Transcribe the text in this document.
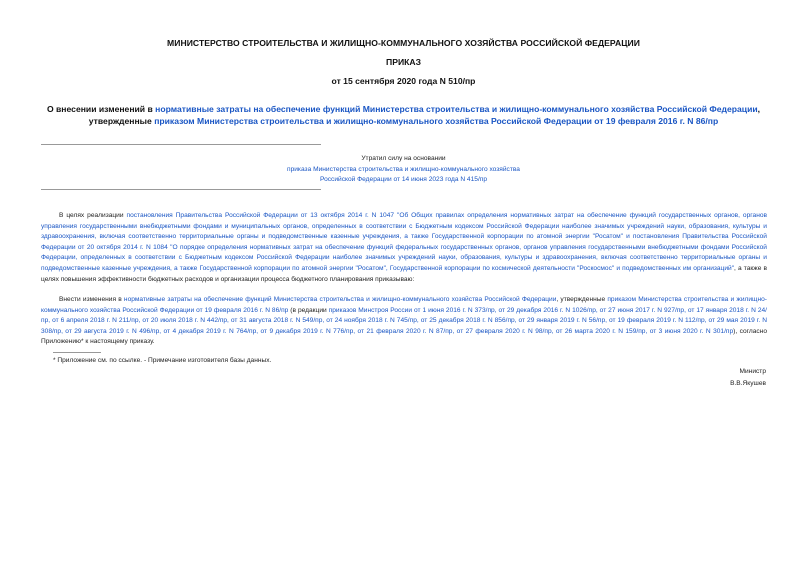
МИНИСТЕРСТВО СТРОИТЕЛЬСТВА И ЖИЛИЩНО-КОММУНАЛЬНОГО ХОЗЯЙСТВА РОССИЙСКОЙ ФЕДЕРАЦИИ
ПРИКАЗ
от 15 сентября 2020 года N 510/пр
О внесении изменений в нормативные затраты на обеспечение функций Министерства строительства и жилищно-коммунального хозяйства Российской Федерации, утвержденные приказом Министерства строительства и жилищно-коммунального хозяйства Российской Федерации от 19 февраля 2016 г. N 86/пр
Утратил силу на основании
приказа Министерства строительства и жилищно-коммунального хозяйства
Российской Федерации от 14 июня 2023 года N 415/пр
В целях реализации постановления Правительства Российской Федерации от 13 октября 2014 г. N 1047 "Об Общих правилах определения нормативных затрат на обеспечение функций государственных органов, органов управления государственными внебюджетными фондами и муниципальных органов, определенных в соответствии с Бюджетным кодексом Российской Федерации наиболее значимых учреждений науки, образования, культуры и здравоохранения, включая соответственно территориальные органы и подведомственные казенные учреждения, а также Государственной корпорации по атомной энергии "Росатом" и постановления Правительства Российской Федерации от 20 октября 2014 г. N 1084 "О порядке определения нормативных затрат на обеспечение функций федеральных государственных органов, органов управления государственными внебюджетными фондами Российской Федерации, определенных в соответствии с Бюджетным кодексом Российской Федерации наиболее значимых учреждений науки, образования, культуры и здравоохранения, включая соответственно территориальные органы и подведомственные казенные учреждения, а также Государственной корпорации по атомной энергии "Росатом", Государственной корпорации по космической деятельности "Роскосмос" и подведомственных им организаций", а также в целях повышения эффективности бюджетных расходов и организации процесса бюджетного планирования приказываю:
Внести изменения в нормативные затраты на обеспечение функций Министерства строительства и жилищно-коммунального хозяйства Российской Федерации, утвержденные приказом Министерства строительства и жилищно-коммунального хозяйства Российской Федерации от 19 февраля 2016 г. N 86/пр (в редакции приказов Минстроя России от 1 июня 2016 г. N 373/пр, от 29 декабря 2016 г. N 1026/пр, от 27 июня 2017 г. N 927/пр, от 17 января 2018 г. N 24/пр, от 6 апреля 2018 г. N 211/пр, от 20 июля 2018 г. N 442/пр, от 31 августа 2018 г. N 549/пр, от 24 ноября 2018 г. N 745/пр, от 25 декабря 2018 г. N 856/пр, от 29 января 2019 г. N 56/пр, от 19 февраля 2019 г. N 112/пр, от 29 мая 2019 г. N 308/пр, от 29 августа 2019 г. N 496/пр, от 4 декабря 2019 г. N 764/пр, от 9 декабря 2019 г. N 776/пр, от 21 февраля 2020 г. N 87/пр, от 27 февраля 2020 г. N 98/пр, от 26 марта 2020 г. N 159/пр, от 3 июня 2020 г. N 301/пр), согласно Приложению* к настоящему приказу.
* Приложение см. по ссылке. - Примечание изготовителя базы данных.
Министр
В.В.Якушев
